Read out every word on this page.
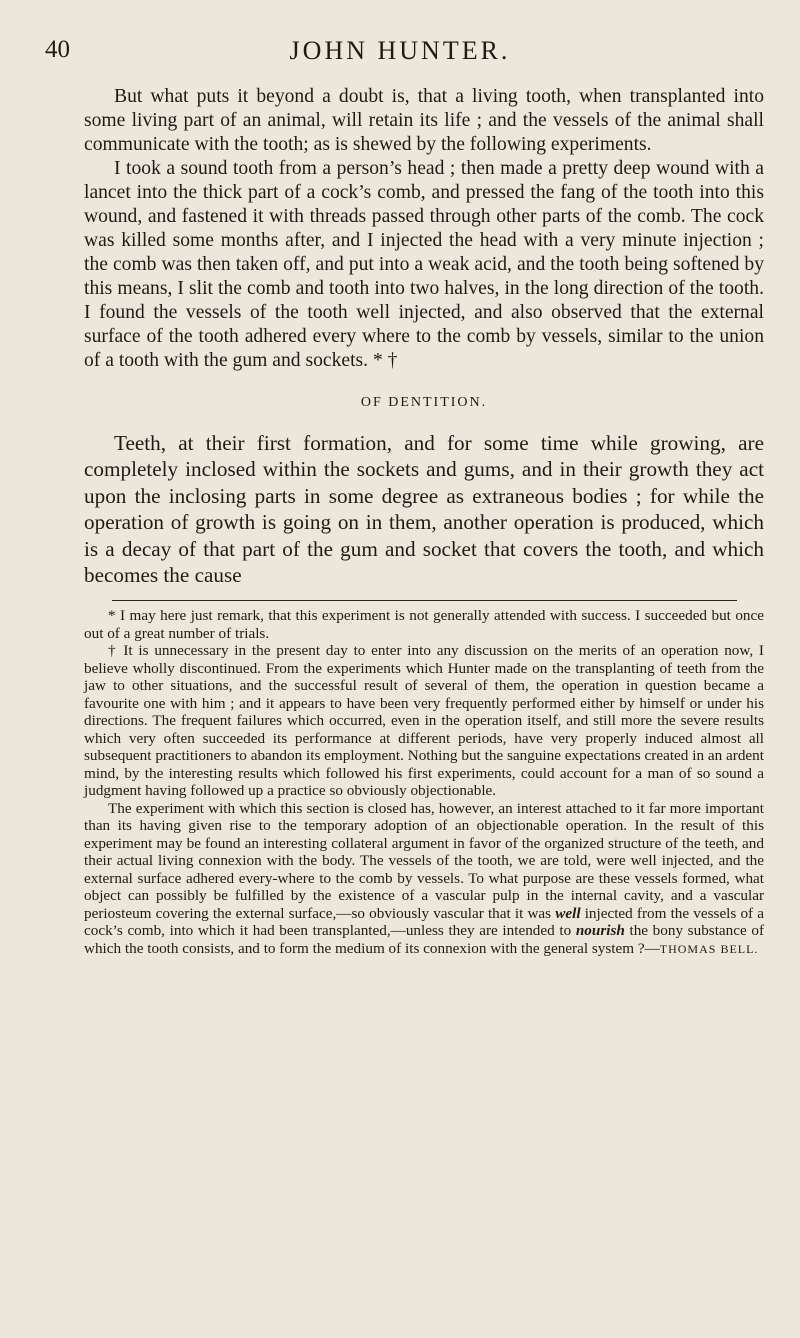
40	JOHN HUNTER.

But what puts it beyond a doubt is, that a living tooth, when transplanted into some living part of an animal, will retain its life ; and the vessels of the animal shall communicate with the tooth; as is shewed by the following experiments.

I took a sound tooth from a person’s head ; then made a pretty deep wound with a lancet into the thick part of a cock’s comb, and pressed the fang of the tooth into this wound, and fastened it with threads passed through other parts of the comb. The cock was killed some months after, and I injected the head with a very minute injection ; the comb was then taken off, and put into a weak acid, and the tooth being softened by this means, I slit the comb and tooth into two halves, in the long direction of the tooth. I found the vessels of the tooth well injected, and also observed that the external surface of the tooth adhered every where to the comb by vessels, similar to the union of a tooth with the gum and sockets. * †

OF DENTITION.

Teeth, at their first formation, and for some time while growing, are completely inclosed within the sockets and gums, and in their growth they act upon the inclosing parts in some degree as extraneous bodies ; for while the operation of growth is going on in them, another operation is produced, which is a decay of that part of the gum and socket that covers the tooth, and which becomes the cause

* I may here just remark, that this experiment is not generally attended with success. I succeeded but once out of a great number of trials.

† It is unnecessary in the present day to enter into any discussion on the merits of an operation now, I believe wholly discontinued. From the experiments which Hunter made on the transplanting of teeth from the jaw to other situations, and the successful result of several of them, the operation in question became a favourite one with him ; and it appears to have been very frequently performed either by himself or under his directions. The frequent failures which occurred, even in the operation itself, and still more the severe results which very often succeeded its performance at different periods, have very properly induced almost all subsequent practitioners to abandon its employment. Nothing but the sanguine expectations created in an ardent mind, by the interesting results which followed his first experiments, could account for a man of so sound a judgment having followed up a practice so obviously objectionable.

The experiment with which this section is closed has, however, an interest attached to it far more important than its having given rise to the temporary adoption of an objectionable operation. In the result of this experiment may be found an interesting collateral argument in favor of the organized structure of the teeth, and their actual living connexion with the body. The vessels of the tooth, we are told, were well injected, and the external surface adhered every-where to the comb by vessels. To what purpose are these vessels formed, what object can possibly be fulfilled by the existence of a vascular pulp in the internal cavity, and a vascular periosteum covering the external surface,—so obviously vascular that it was well injected from the vessels of a cock’s comb, into which it had been transplanted,—unless they are intended to nourish the bony substance of which the tooth consists, and to form the medium of its connexion with the general system ?—THOMAS BELL.
